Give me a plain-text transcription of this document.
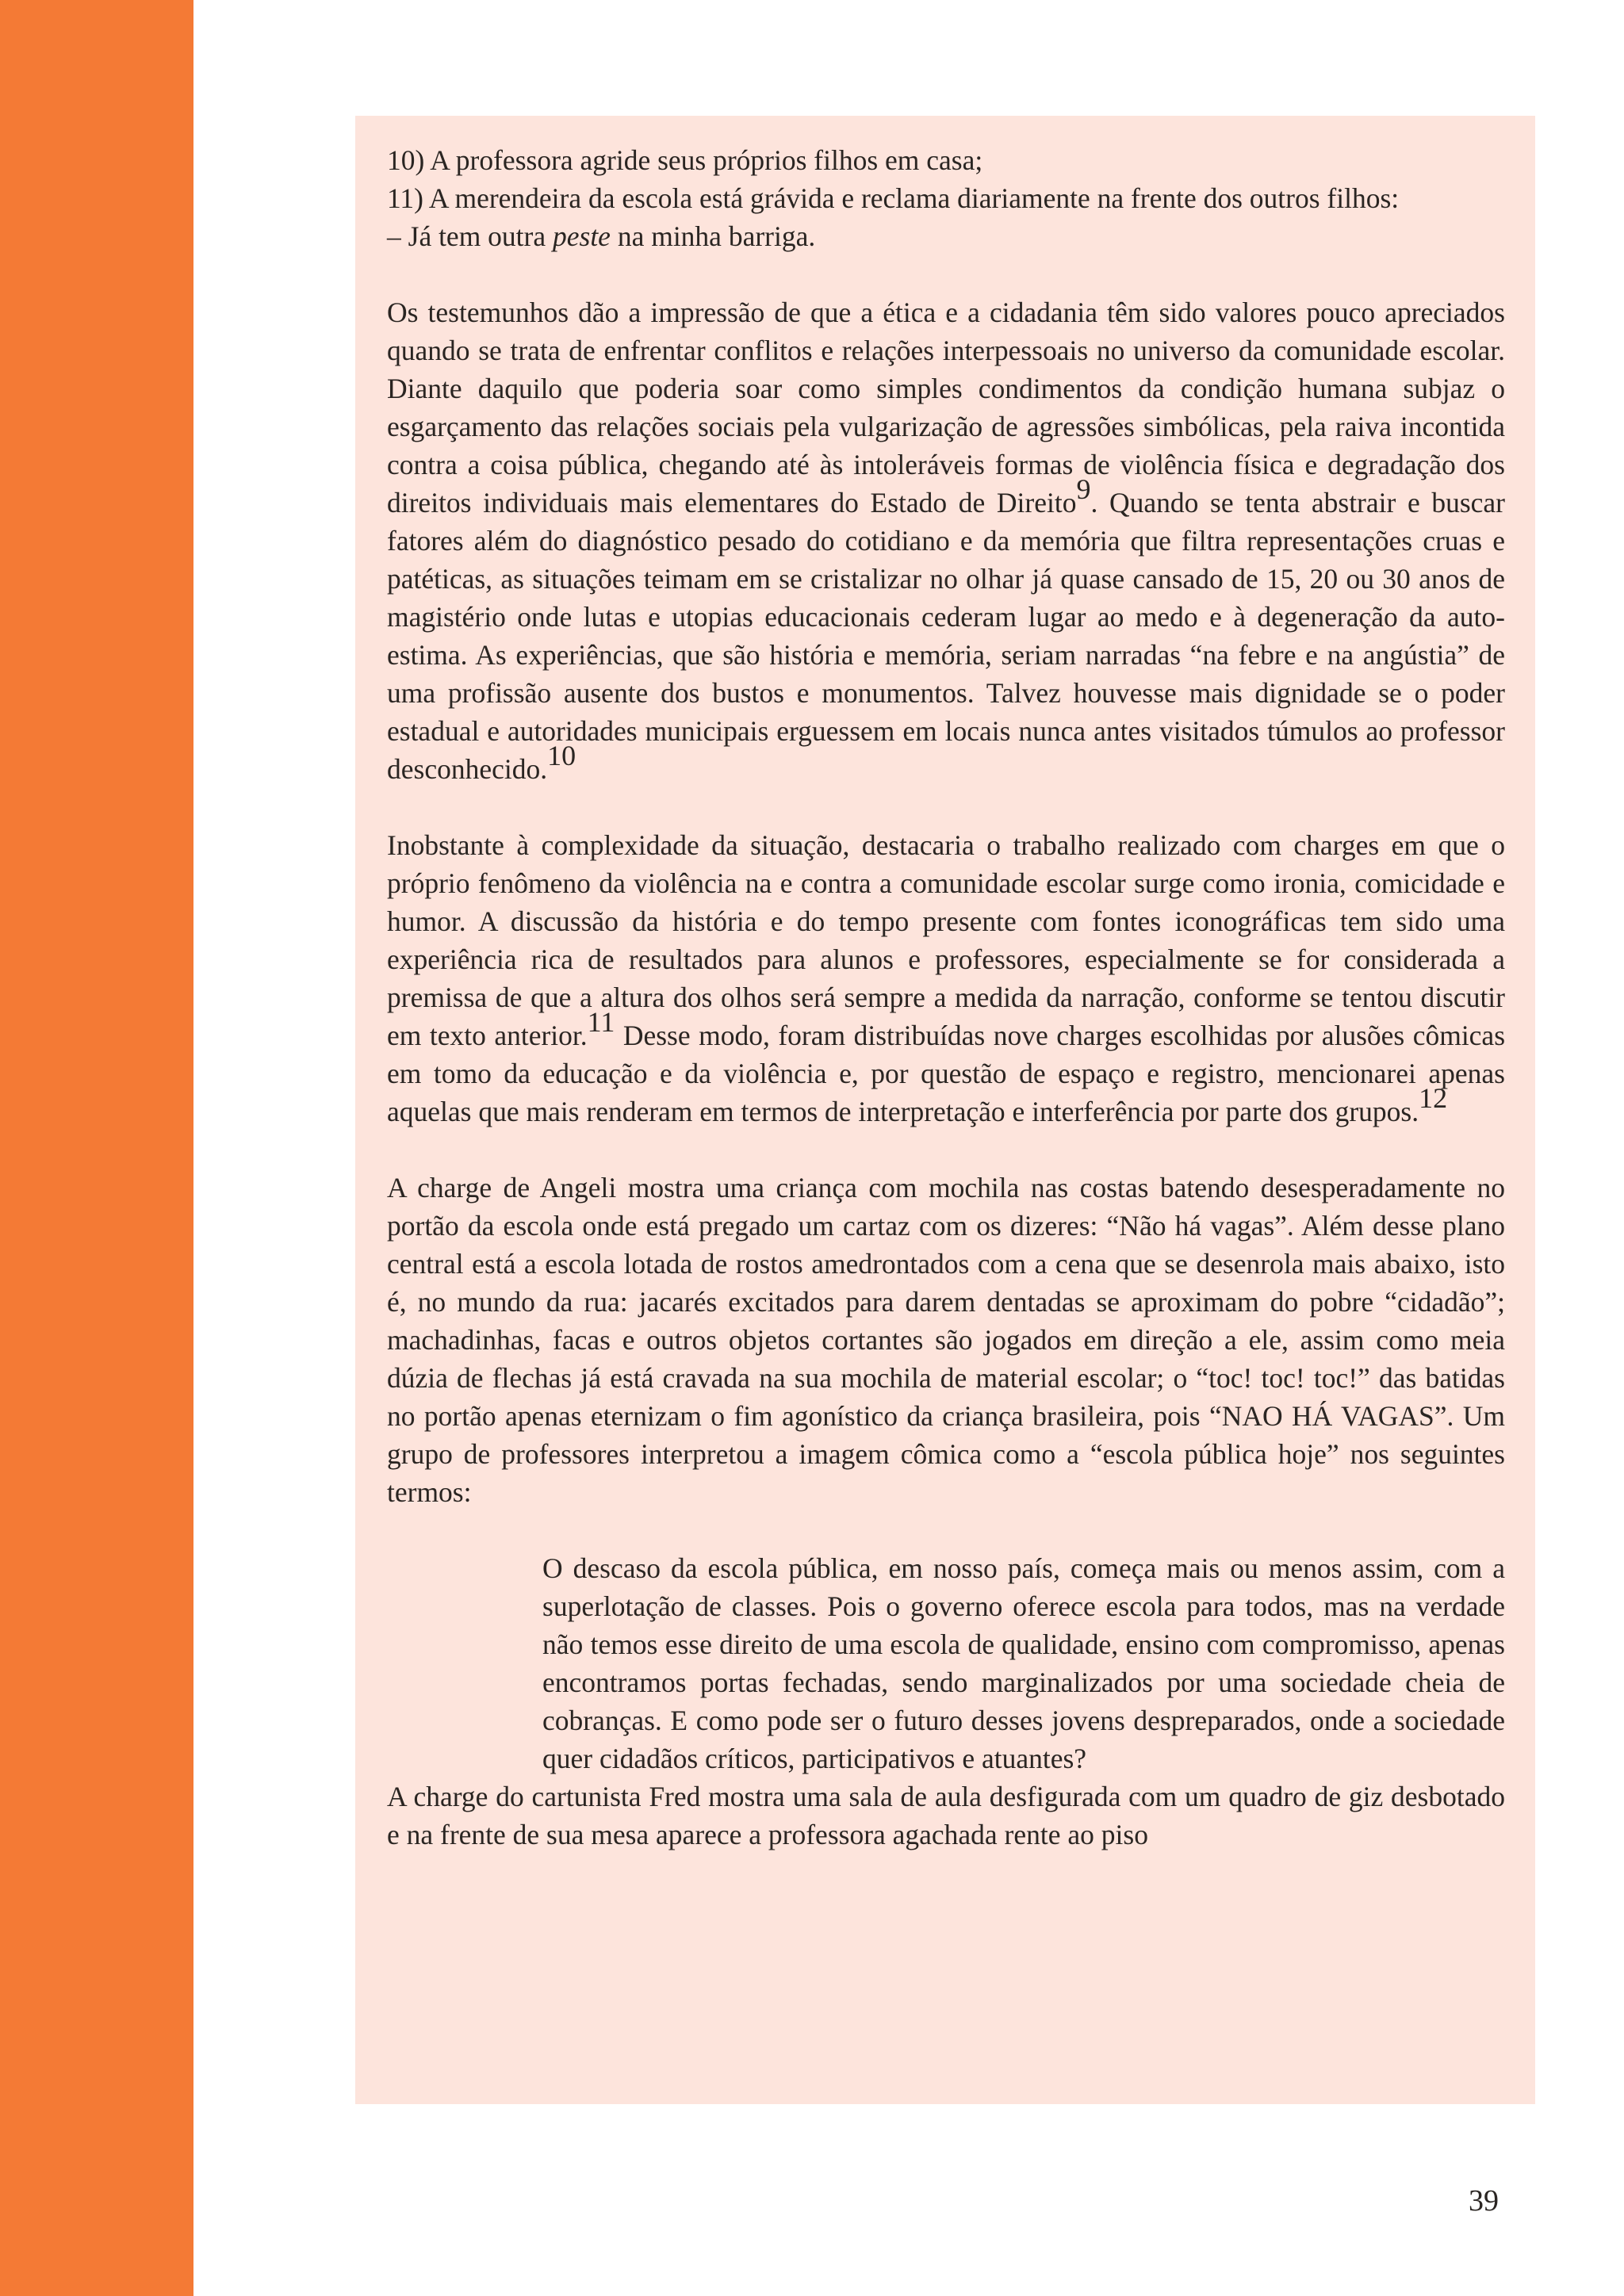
10) A professora agride seus próprios filhos em casa;

11) A merendeira da escola está grávida e reclama diariamente na frente dos outros filhos:

– Já tem outra peste na minha barriga.

Os testemunhos dão a impressão de que a ética e a cidadania têm sido valores pouco apreciados quando se trata de enfrentar conflitos e relações interpessoais no universo da comunidade escolar. Diante daquilo que poderia soar como simples condimentos da condição humana subjaz o esgarçamento das relações sociais pela vulgarização de agressões simbólicas, pela raiva incontida contra a coisa pública, chegando até às intoleráveis formas de violência física e degradação dos direitos individuais mais elementares do Estado de Direito$^9$. Quando se tenta abstrair e buscar fatores além do diagnóstico pesado do cotidiano e da memória que filtra representações cruas e patéticas, as situações teimam em se cristalizar no olhar já quase cansado de 15, 20 ou 30 anos de magistério onde lutas e utopias educacionais cederam lugar ao medo e à degeneração da auto-estima. As experiências, que são história e memória, seriam narradas “na febre e na angústia” de uma profissão ausente dos bustos e monumentos. Talvez houvesse mais dignidade se o poder estadual e autoridades municipais erguessem em locais nunca antes visitados túmulos ao professor desconhecido.$^{10}$

Inobstante à complexidade da situação, destacaria o trabalho realizado com charges em que o próprio fenômeno da violência na e contra a comunidade escolar surge como ironia, comicidade e humor. A discussão da história e do tempo presente com fontes iconográficas tem sido uma experiência rica de resultados para alunos e professores, especialmente se for considerada a premissa de que a altura dos olhos será sempre a medida da narração, conforme se tentou discutir em texto anterior.$^{11}$ Desse modo, foram distribuídas nove charges escolhidas por alusões cômicas em tomo da educação e da violência e, por questão de espaço e registro, mencionarei apenas aquelas que mais renderam em termos de interpretação e interferência por parte dos grupos.$^{12}$

A charge de Angeli mostra uma criança com mochila nas costas batendo desesperadamente no portão da escola onde está pregado um cartaz com os dizeres: “Não há vagas”. Além desse plano central está a escola lotada de rostos amedrontados com a cena que se desenrola mais abaixo, isto é, no mundo da rua: jacarés excitados para darem dentadas se aproximam do pobre “cidadão”; machadinhas, facas e outros objetos cortantes são jogados em direção a ele, assim como meia dúzia de flechas já está cravada na sua mochila de material escolar; o “toc! toc! toc!” das batidas no portão apenas eternizam o fim agonístico da criança brasileira, pois “NAO HÁ VAGAS”. Um grupo de professores interpretou a imagem cômica como a “escola pública hoje” nos seguintes termos:

O descaso da escola pública, em nosso país, começa mais ou menos assim, com a superlotação de classes. Pois o governo oferece escola para todos, mas na verdade não temos esse direito de uma escola de qualidade, ensino com compromisso, apenas encontramos portas fechadas, sendo marginalizados por uma sociedade cheia de cobranças. E como pode ser o futuro desses jovens despreparados, onde a sociedade quer cidadãos críticos, participativos e atuantes?

A charge do cartunista Fred mostra uma sala de aula desfigurada com um quadro de giz desbotado e na frente de sua mesa aparece a professora agachada rente ao piso

39
